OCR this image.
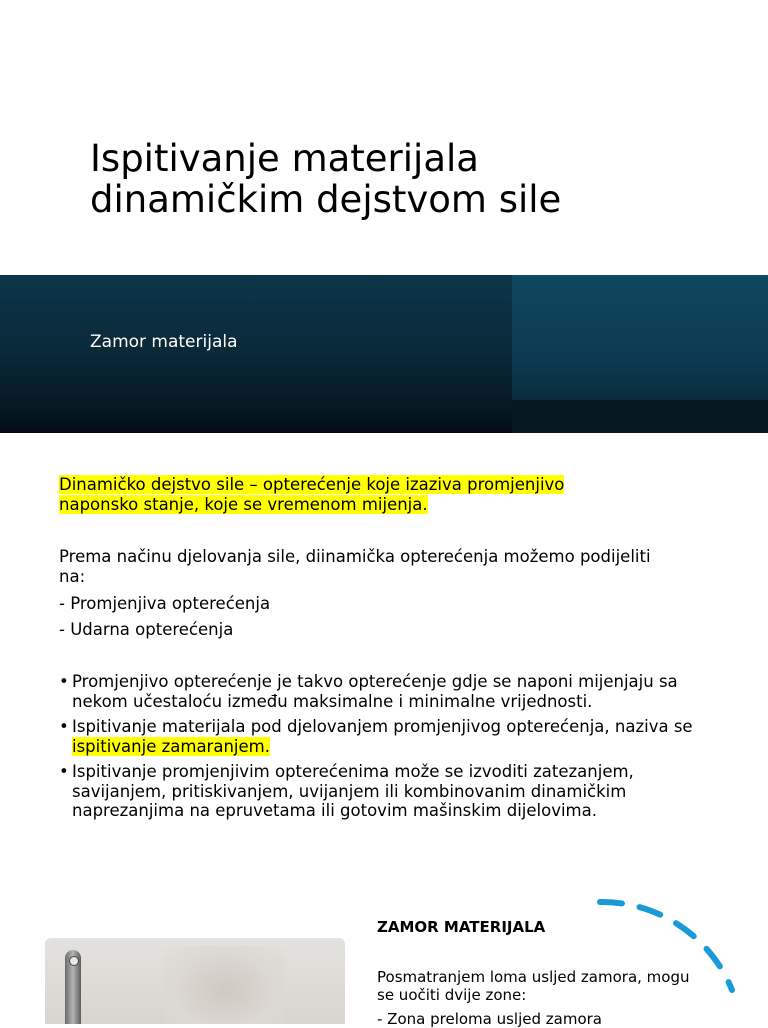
Ispitivanje materijala
dinamičkim dejstvom sile
Zamor materijala

Dinamičko dejstvo sile – opterećenje koje izaziva promjenjivo
naponsko stanje, koje se vremenom mijenja.

Prema načinu djelovanja sile, diinamička opterećenja možemo podijeliti na:

- Promjenjiva opterećenja
- Udarna opterećenja
• Promjenjivo opterećenje je takvo opterećenje gdje se naponi mijenjaju sa nekom učestaloću između maksimalne i minimalne vrijednosti.
• Ispitivanje materijala pod djelovanjem promjenjivog opterećenja, naziva se ispitivanje zamaranjem.
• Ispitivanje promjenjivim opterećenima može se izvoditi zatezanjem, savijanjem, pritiskivanjem, uvijanjem ili kombinovanim dinamičkim naprezanjima na epruvetama ili gotovim mašinskim dijelovima.
ZAMOR MATERIJALA

Posmatranjem loma usljed zamora, mogu se uočiti dvije zone:

- Zona preloma usljed zamora
